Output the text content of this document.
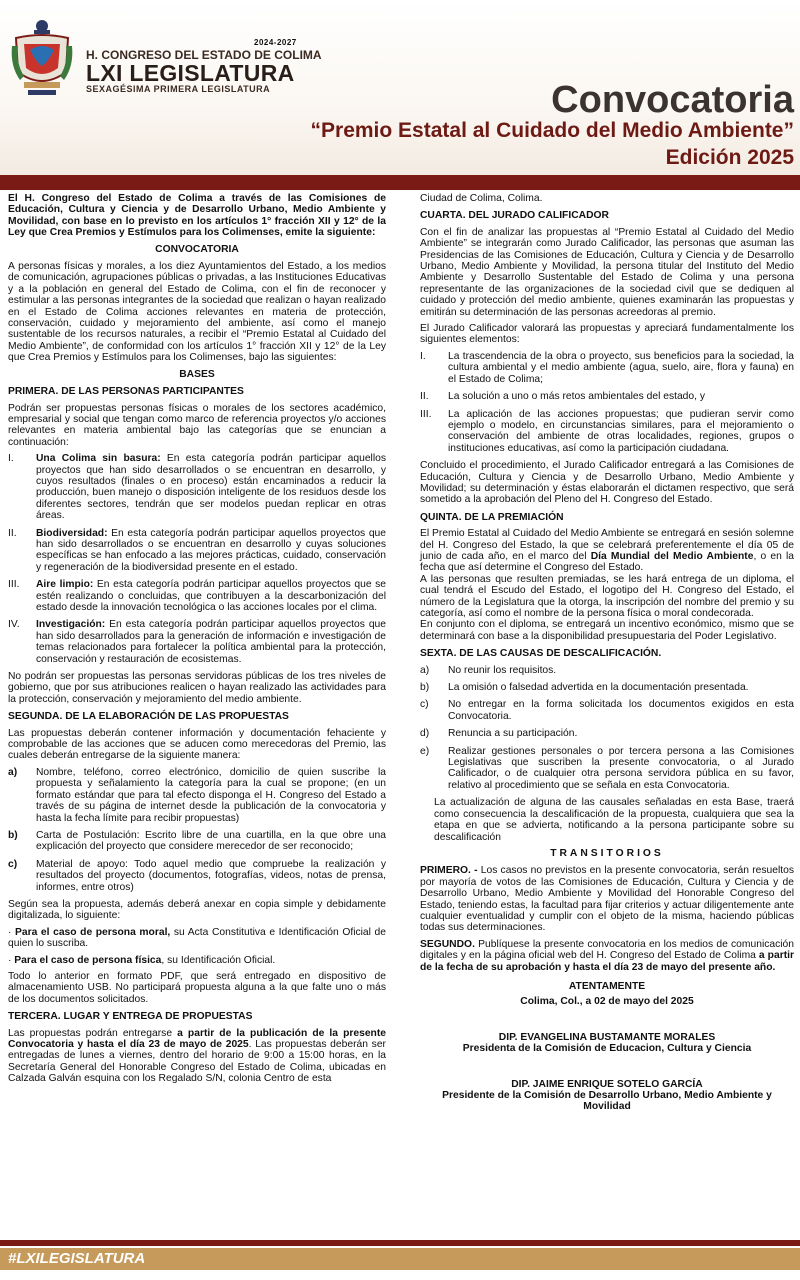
2024-2027
H. CONGRESO DEL ESTADO DE COLIMA
LXI LEGISLATURA
SEXAGÉSIMA PRIMERA LEGISLATURA	Convocatoria
“Premio Estatal al Cuidado del Medio Ambiente”
Edición 2025

El H. Congreso del Estado de Colima a través de las Comisiones de Educación, Cultura y Ciencia y de Desarrollo Urbano, Medio Ambiente y Movilidad, con base en lo previsto en los artículos 1° fracción XII y 12° de la Ley que Crea Premios y Estímulos para los Colimenses, emite la siguiente:

CONVOCATORIA

A personas físicas y morales, a los diez Ayuntamientos del Estado, a los medios de comunicación, agrupaciones públicas o privadas, a las Instituciones Educativas y a la población en general del Estado de Colima, con el fin de reconocer y estimular a las personas integrantes de la sociedad que realizan o hayan realizado en el Estado de Colima acciones relevantes en materia de protección, conservación, cuidado y mejoramiento del ambiente, así como el manejo sustentable de los recursos naturales, a recibir el “Premio Estatal al Cuidado del Medio Ambiente”, de conformidad con los artículos 1° fracción XII y 12° de la Ley que Crea Premios y Estímulos para los Colimenses, bajo las siguientes:

BASES
PRIMERA. DE LAS PERSONAS PARTICIPANTES

Podrán ser propuestas personas físicas o morales de los sectores académico, empresarial y social que tengan como marco de referencia proyectos y/o acciones relevantes en materia ambiental bajo las categorías que se enuncian a continuación:

I.	Una Colima sin basura: En esta categoría podrán participar aquellos proyectos que han sido desarrollados o se encuentran en desarrollo, y cuyos resultados (finales o en proceso) están encaminados a reducir la producción, buen manejo o disposición inteligente de los residuos desde los diferentes sectores, tendrán que ser modelos puedan replicar en otras áreas.
II.	Biodiversidad: En esta categoría podrán participar aquellos proyectos que han sido desarrollados o se encuentran en desarrollo y cuyas soluciones específicas se han enfocado a las mejores prácticas, cuidado, conservación y regeneración de la biodiversidad presente en el estado.
III.	Aire limpio: En esta categoría podrán participar aquellos proyectos que se estén realizando o concluidas, que contribuyen a la descarbonización del estado desde la innovación tecnológica o las acciones locales por el clima.
IV.	Investigación: En esta categoría podrán participar aquellos proyectos que han sido desarrollados para la generación de información e investigación de temas relacionados para fortalecer la política ambiental para la protección, conservación y restauración de ecosistemas.

No podrán ser propuestas las personas servidoras públicas de los tres niveles de gobierno, que por sus atribuciones realicen o hayan realizado las actividades para la protección, conservación y mejoramiento del medio ambiente.

SEGUNDA. DE LA ELABORACIÓN DE LAS PROPUESTAS

Las propuestas deberán contener información y documentación fehaciente y comprobable de las acciones que se aducen como merecedoras del Premio, las cuales deberán entregarse de la siguiente manera:

a)	Nombre, teléfono, correo electrónico, domicilio de quien suscribe la propuesta y señalamiento la categoría para la cual se propone; (en un formato estándar que para tal efecto disponga el H. Congreso del Estado a través de su página de internet desde la publicación de la convocatoria y hasta la fecha límite para recibir propuestas)
b)	Carta de Postulación: Escrito libre de una cuartilla, en la que obre una explicación del proyecto que considere merecedor de ser reconocido;
c)	Material de apoyo: Todo aquel medio que compruebe la realización y resultados del proyecto (documentos, fotografías, videos, notas de prensa, informes, entre otros)

Según sea la propuesta, además deberá anexar en copia simple y debidamente digitalizada, lo siguiente:

· Para el caso de persona moral, su Acta Constitutiva e Identificación Oficial de quien lo suscriba.

· Para el caso de persona física, su Identificación Oficial.

Todo lo anterior en formato PDF, que será entregado en dispositivo de almacenamiento USB. No participará propuesta alguna a la que falte uno o más de los documentos solicitados.

TERCERA. LUGAR Y ENTREGA DE PROPUESTAS

Las propuestas podrán entregarse a partir de la publicación de la presente Convocatoria y hasta el día 23 de mayo de 2025. Las propuestas deberán ser entregadas de lunes a viernes, dentro del horario de 9:00 a 15:00 horas, en la Secretaría General del Honorable Congreso del Estado de Colima, ubicadas en Calzada Galván esquina con los Regalado S/N, colonia Centro de esta

Ciudad de Colima, Colima.

CUARTA. DEL JURADO CALIFICADOR

Con el fin de analizar las propuestas al “Premio Estatal al Cuidado del Medio Ambiente” se integrarán como Jurado Calificador, las personas que asuman las Presidencias de las Comisiones de Educación, Cultura y Ciencia y de Desarrollo Urbano, Medio Ambiente y Movilidad, la persona titular del Instituto del Medio Ambiente y Desarrollo Sustentable del Estado de Colima y una persona representante de las organizaciones de la sociedad civil que se dediquen al cuidado y protección del medio ambiente, quienes examinarán las propuestas y emitirán su determinación de las personas acreedoras al premio.

El Jurado Calificador valorará las propuestas y apreciará fundamentalmente los siguientes elementos:

I.	La trascendencia de la obra o proyecto, sus beneficios para la sociedad, la cultura ambiental y el medio ambiente (agua, suelo, aire, flora y fauna) en el Estado de Colima;
II.	La solución a uno o más retos ambientales del estado, y
III.	La aplicación de las acciones propuestas; que pudieran servir como ejemplo o modelo, en circunstancias similares, para el mejoramiento o conservación del ambiente de otras localidades, regiones, grupos o instituciones educativas, así como la participación ciudadana.

Concluido el procedimiento, el Jurado Calificador entregará a las Comisiones de Educación, Cultura y Ciencia y de Desarrollo Urbano, Medio Ambiente y Movilidad; su determinación y éstas elaborarán el dictamen respectivo, que será sometido a la aprobación del Pleno del H. Congreso del Estado.

QUINTA. DE LA PREMIACIÓN

El Premio Estatal al Cuidado del Medio Ambiente se entregará en sesión solemne del H. Congreso del Estado, la que se celebrará preferentemente el día 05 de junio de cada año, en el marco del Día Mundial del Medio Ambiente, o en la fecha que así determine el Congreso del Estado.

A las personas que resulten premiadas, se les hará entrega de un diploma, el cual tendrá el Escudo del Estado, el logotipo del H. Congreso del Estado, el número de la Legislatura que la otorga, la inscripción del nombre del premio y su categoría, así como el nombre de la persona física o moral condecorada.

En conjunto con el diploma, se entregará un incentivo económico, mismo que se determinará con base a la disponibilidad presupuestaria del Poder Legislativo.

SEXTA. DE LAS CAUSAS DE DESCALIFICACIÓN.
a)	No reunir los requisitos.
b)	La omisión o falsedad advertida en la documentación presentada.
c)	No entregar en la forma solicitada los documentos exigidos en esta Convocatoria.
d)	Renuncia a su participación.
e)	Realizar gestiones personales o por tercera persona a las Comisiones Legislativas que suscriben la presente convocatoria, o al Jurado Calificador, o de cualquier otra persona servidora pública en su favor, relativo al procedimiento que se señala en esta Convocatoria.

La actualización de alguna de las causales señaladas en esta Base, traerá como consecuencia la descalificación de la propuesta, cualquiera que sea la etapa en que se advierta, notificando a la persona participante sobre su descalificación

TRANSITORIOS

PRIMERO. - Los casos no previstos en la presente convocatoria, serán resueltos por mayoría de votos de las Comisiones de Educación, Cultura y Ciencia y de Desarrollo Urbano, Medio Ambiente y Movilidad del Honorable Congreso del Estado, teniendo estas, la facultad para fijar criterios y actuar diligentemente ante cualquier eventualidad y cumplir con el objeto de la misma, haciendo públicas todas sus determinaciones.

SEGUNDO. Publíquese la presente convocatoria en los medios de comunicación digitales y en la página oficial web del H. Congreso del Estado de Colima a partir de la fecha de su aprobación y hasta el día 23 de mayo del presente año.

ATENTAMENTE
Colima, Col., a 02 de mayo del 2025
DIP. EVANGELINA BUSTAMANTE MORALES
Presidenta de la Comisión de Educacion, Cultura y Ciencia
DIP. JAIME ENRIQUE SOTELO GARCÍA
Presidente de la Comisión de Desarrollo Urbano, Medio Ambiente y Movilidad
#LXILEGISLATURA
